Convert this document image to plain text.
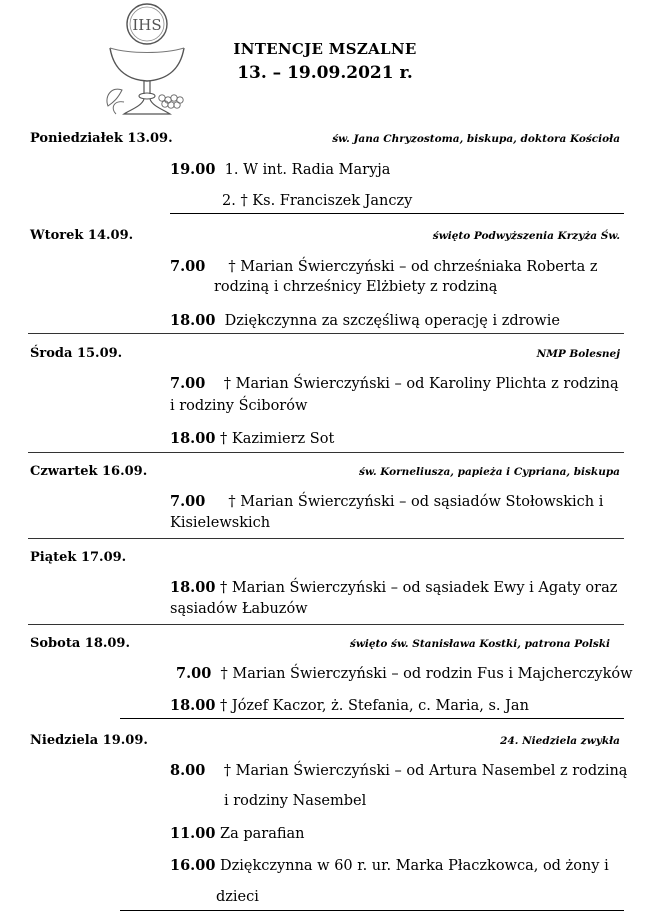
IHS
INTENCJE MSZALNE
13. – 19.09.2021 r.
Poniedziałek 13.09.	św. Jana Chryzostoma, biskupa, doktora Kościoła
19.00 1. W int. Radia Maryja
2. † Ks. Franciszek Janczy
Wtorek 14.09.	święto Podwyższenia Krzyża Św.
7.00 † Marian Świerczyński – od chrześniaka Roberta z
rodziną i chrześnicy Elżbiety z rodziną
18.00 Dziękczynna za szczęśliwą operację i zdrowie
Środa 15.09.	NMP Bolesnej
7.00 † Marian Świerczyński – od Karoliny Plichta z rodziną
i rodziny Ściborów
18.00 † Kazimierz Sot
Czwartek 16.09.	św. Korneliusza, papieża i Cypriana, biskupa
7.00 † Marian Świerczyński – od sąsiadów Stołowskich i
Kisielewskich
Piątek 17.09.
18.00 † Marian Świerczyński – od sąsiadek Ewy i Agaty oraz
sąsiadów Łabuzów
Sobota 18.09.	święto św. Stanisława Kostki, patrona Polski
7.00 † Marian Świerczyński – od rodzin Fus i Majcherczyków
18.00 † Józef Kaczor, ż. Stefania, c. Maria, s. Jan
Niedziela 19.09.	24. Niedziela zwykła
8.00 † Marian Świerczyński – od Artura Nasembel z rodziną
i rodziny Nasembel
11.00 Za parafian
16.00 Dziękczynna w 60 r. ur. Marka Płaczkowca, od żony i
dzieci
